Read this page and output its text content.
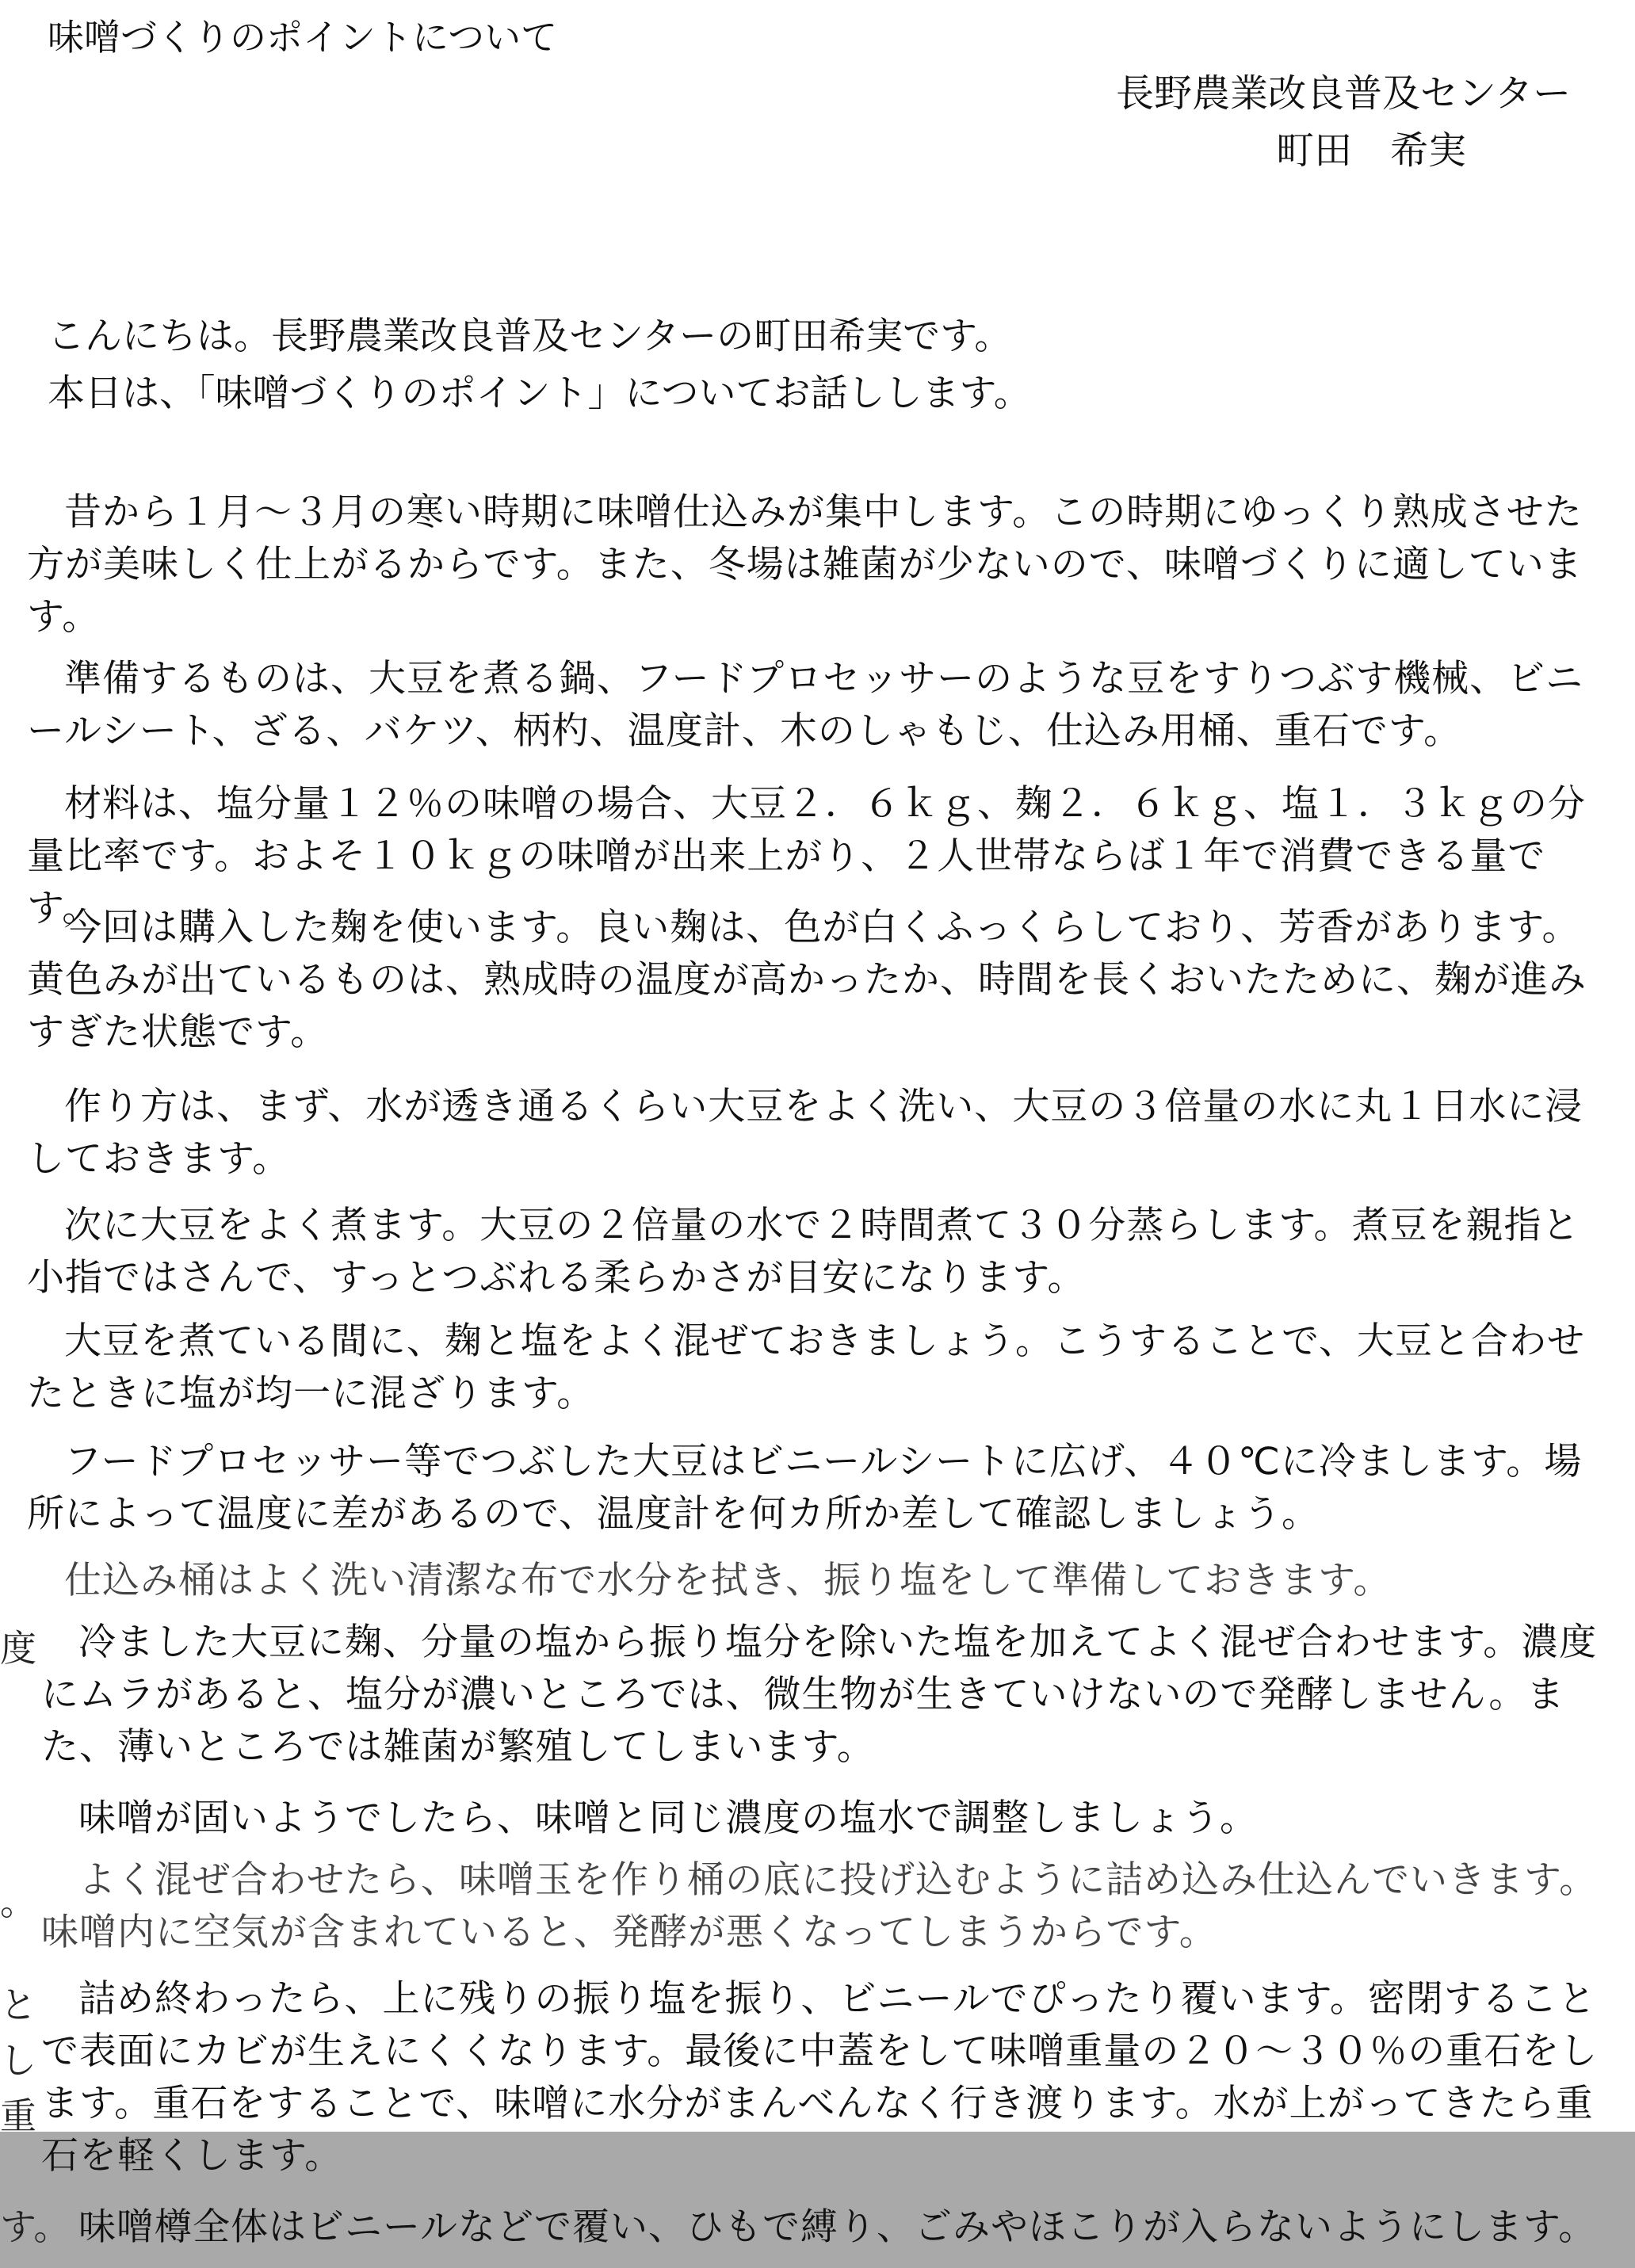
味噌づくりのポイントについて
長野農業改良普及センター
町田　希実
こんにちは。長野農業改良普及センターの町田希実です。
本日は、「味噌づくりのポイント」についてお話しします。

昔から１月～３月の寒い時期に味噌仕込みが集中します。この時期にゆっくり熟成させた方が美味しく仕上がるからです。また、冬場は雑菌が少ないので、味噌づくりに適しています。

準備するものは、大豆を煮る鍋、フードプロセッサーのような豆をすりつぶす機械、ビニールシート、ざる、バケツ、柄杓、温度計、木のしゃもじ、仕込み用桶、重石です。

材料は、塩分量１２％の味噌の場合、大豆２．６ｋｇ、麹２．６ｋｇ、塩１．３ｋｇの分量比率です。およそ１０ｋｇの味噌が出来上がり、２人世帯ならば１年で消費できる量です。

今回は購入した麹を使います。良い麹は、色が白くふっくらしており、芳香があります。黄色みが出ているものは、熟成時の温度が高かったか、時間を長くおいたために、麹が進みすぎた状態です。

作り方は、まず、水が透き通るくらい大豆をよく洗い、大豆の３倍量の水に丸１日水に浸しておきます。

次に大豆をよく煮ます。大豆の２倍量の水で２時間煮て３０分蒸らします。煮豆を親指と小指ではさんで、すっとつぶれる柔らかさが目安になります。

大豆を煮ている間に、麹と塩をよく混ぜておきましょう。こうすることで、大豆と合わせたときに塩が均一に混ざります。

フードプロセッサー等でつぶした大豆はビニールシートに広げ、４０℃に冷まします。場所によって温度に差があるので、温度計を何カ所か差して確認しましょう。

仕込み桶はよく洗い清潔な布で水分を拭き、振り塩をして準備しておきます。

冷ました大豆に麹、分量の塩から振り塩分を除いた塩を加えてよく混ぜ合わせます。濃度にムラがあると、塩分が濃いところでは、微生物が生きていけないので発酵しません。また、薄いところでは雑菌が繁殖してしまいます。

味噌が固いようでしたら、味噌と同じ濃度の塩水で調整しましょう。

よく混ぜ合わせたら、味噌玉を作り桶の底に投げ込むように詰め込み仕込んでいきます。味噌内に空気が含まれていると、発酵が悪くなってしまうからです。

詰め終わったら、上に残りの振り塩を振り、ビニールでぴったり覆います。密閉することで表面にカビが生えにくくなります。最後に中蓋をして味噌重量の２０～３０％の重石をします。重石をすることで、味噌に水分がまんべんなく行き渡ります。水が上がってきたら重石を軽くします。

味噌樽全体はビニールなどで覆い、ひもで縛り、ごみやほこりが入らないようにします。

度
。
と
し
重
す。
